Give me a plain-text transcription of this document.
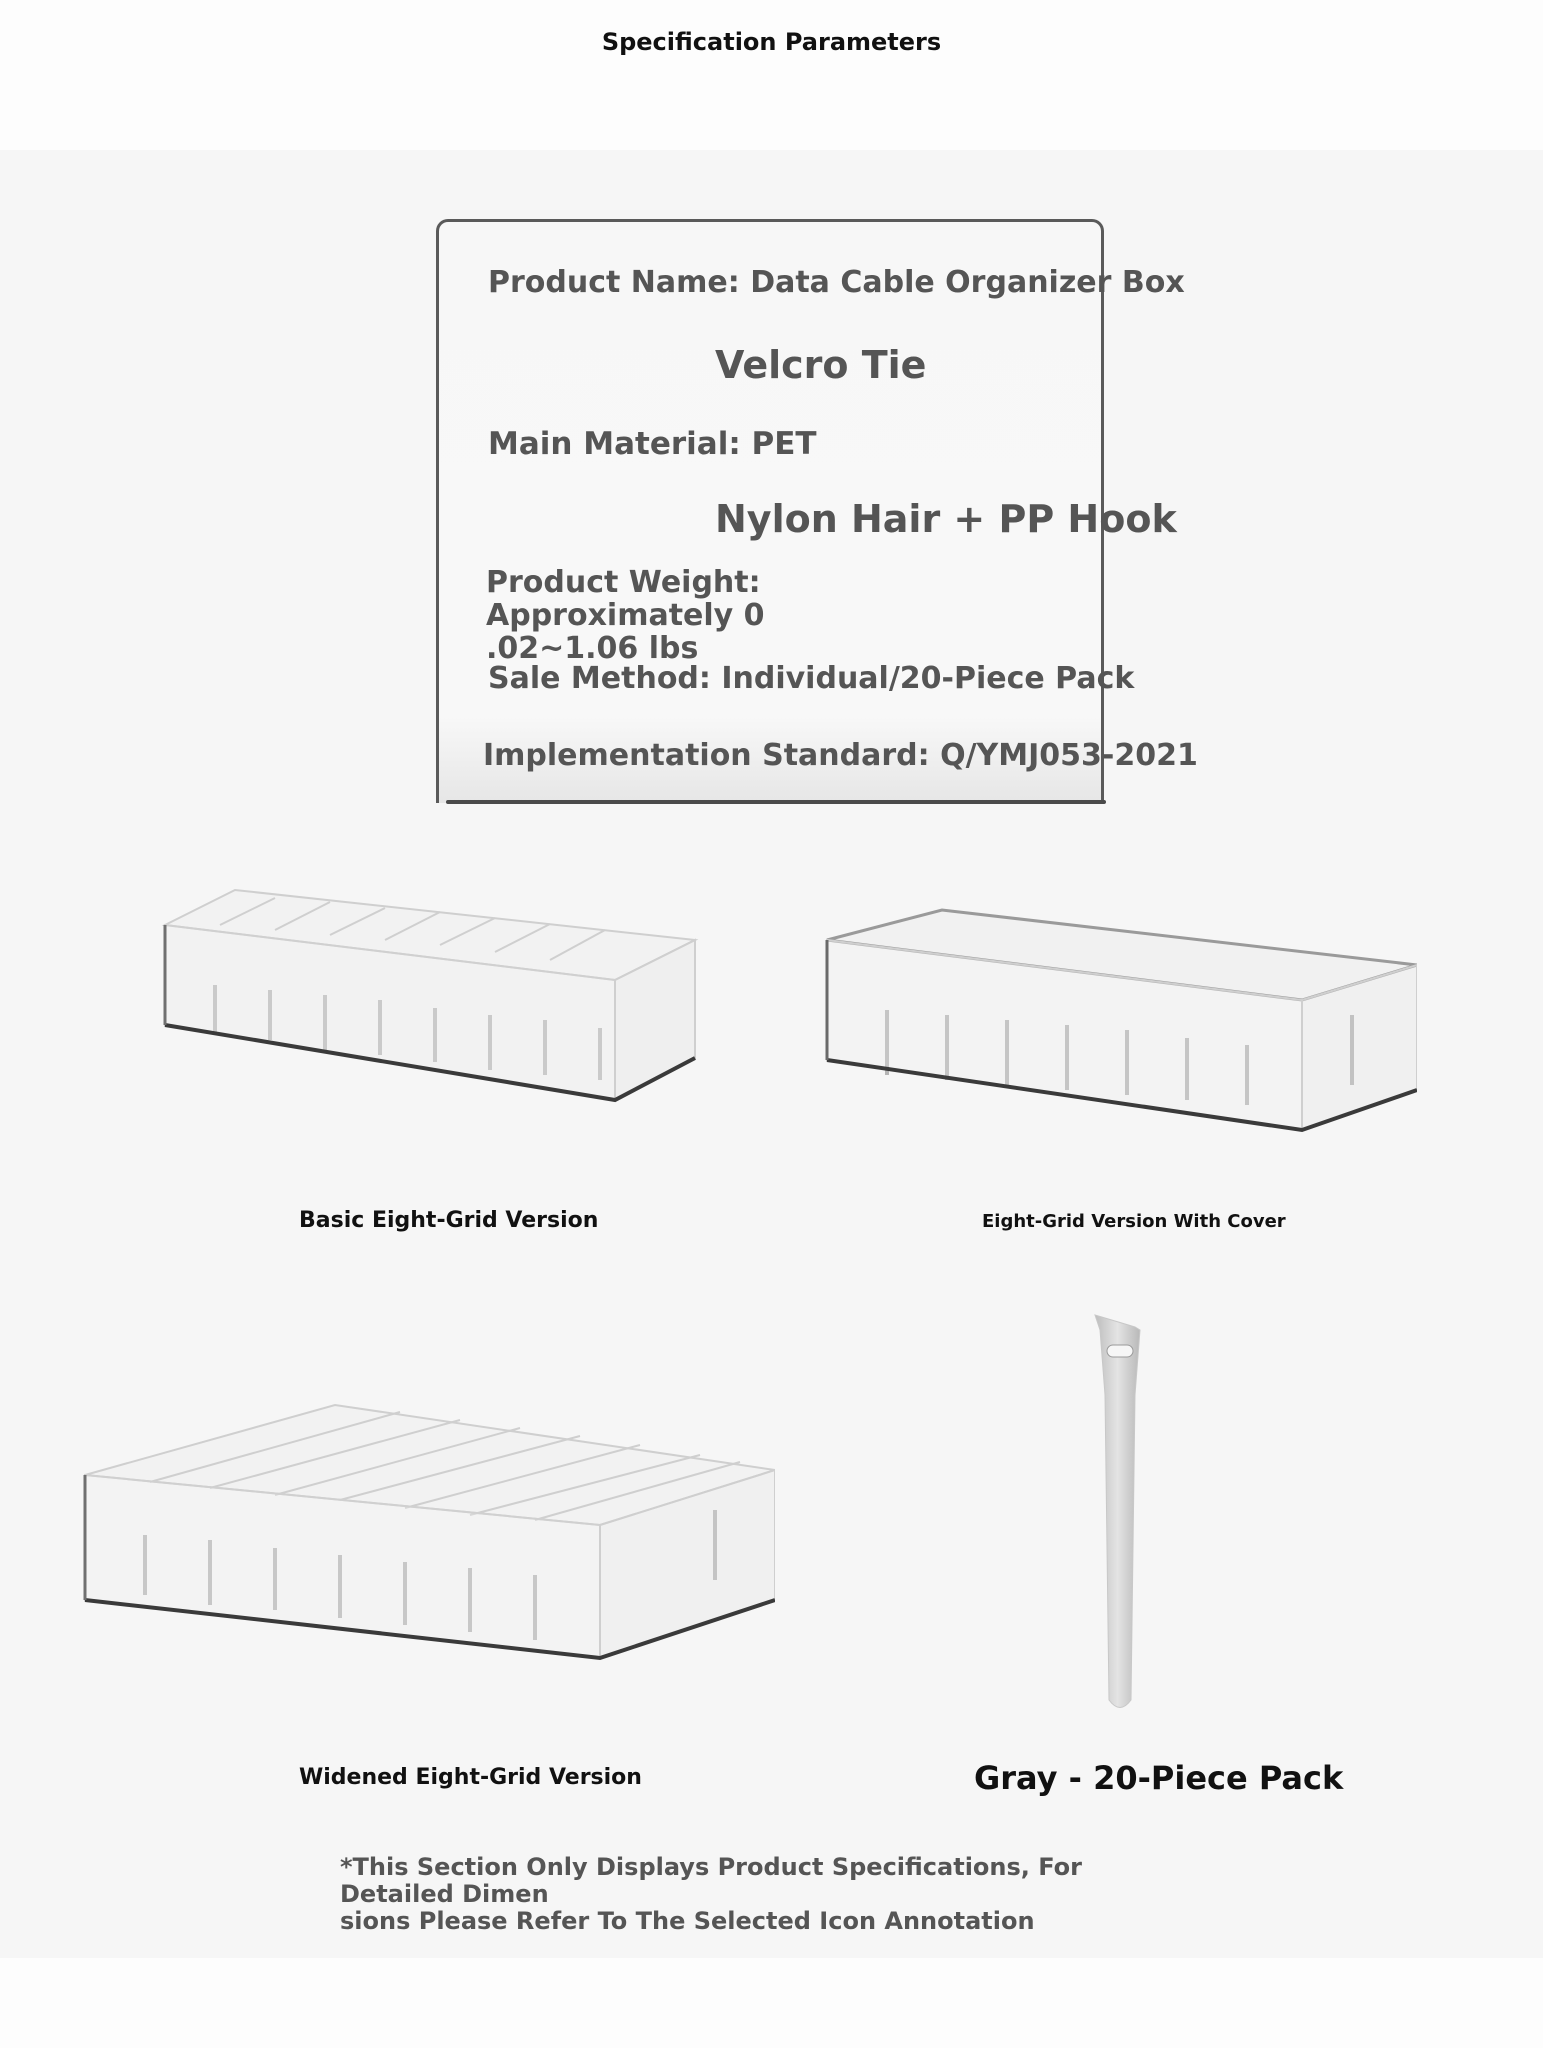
Specification Parameters
Product Name: Data Cable Organizer Box
Velcro Tie
Main Material: PET
Nylon Hair + PP Hook
Product Weight: Approximately 0
.02~1.06 lbs
Sale Method: Individual/20-Piece Pack
Implementation Standard: Q/YMJ053-2021
Basic Eight-Grid Version	Eight-Grid Version With Cover
Widened Eight-Grid Version	Gray - 20-Piece Pack
*This Section Only Displays Product Specifications, For Detailed Dimen
sions Please Refer To The Selected Icon Annotation
